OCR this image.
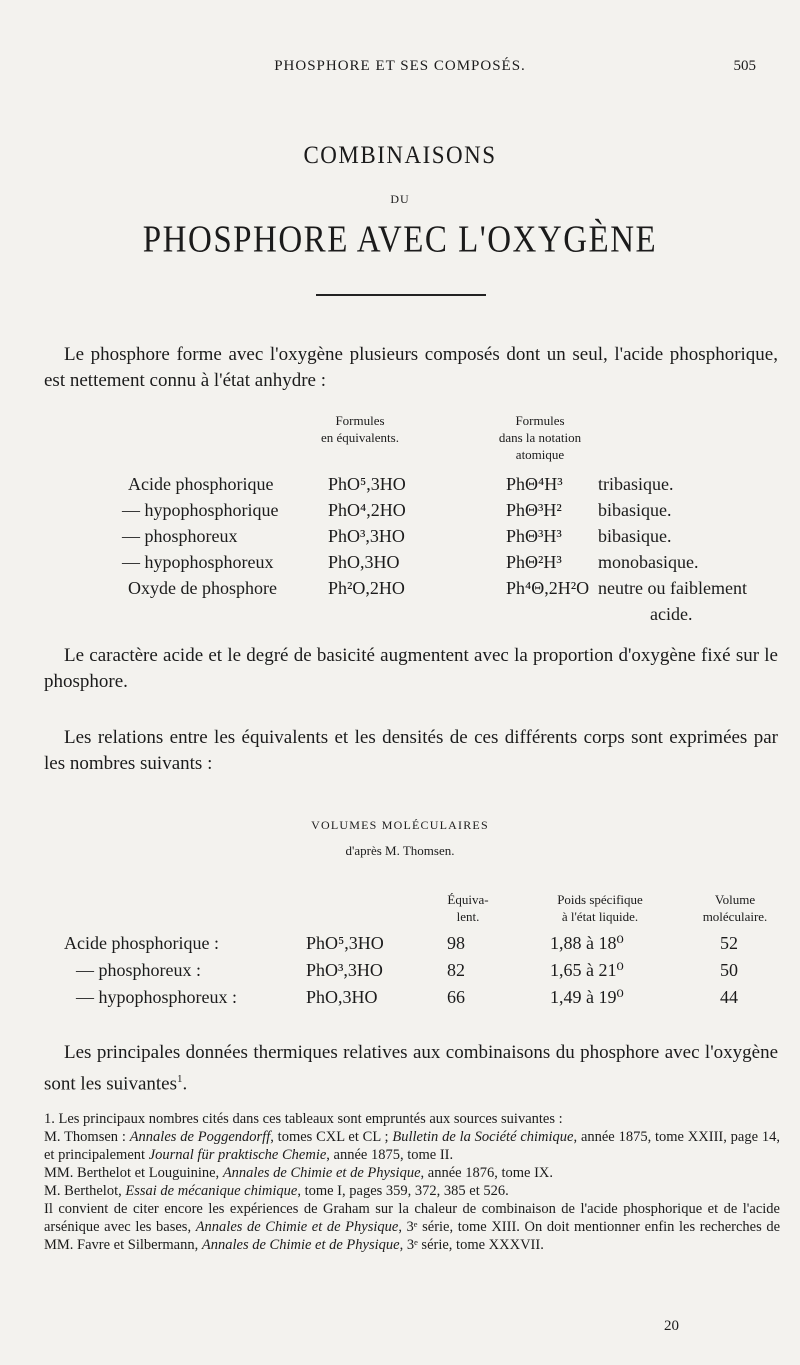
PHOSPHORE ET SES COMPOSÉS.	505
COMBINAISONS
DU
PHOSPHORE AVEC L'OXYGÈNE
Le phosphore forme avec l'oxygène plusieurs composés dont un seul, l'acide phosphorique, est nettement connu à l'état anhydre :
Formules
en équivalents.
Formules
dans la notation
atomique
Acide phosphorique	PhO⁵,3HO	PhΘ⁴H³ tribasique.
— hypophosphorique	PhO⁴,2HO	PhΘ³H² bibasique.
— phosphoreux	PhO³,3HO	PhΘ³H³ bibasique.
— hypophosphoreux	PhO,3HO	PhΘ²H³ monobasique.
Oxyde de phosphore	Ph²O,2HO	Ph⁴Θ,2H²O neutre ou faiblement
acide.
Le caractère acide et le degré de basicité augmentent avec la proportion d'oxygène fixé sur le phosphore.
Les relations entre les équivalents et les densités de ces différents corps sont exprimées par les nombres suivants :
VOLUMES MOLÉCULAIRES
d'après M. Thomsen.
Équiva-
lent.
Poids spécifique
à l'état liquide.
Volume
moléculaire.
Acide phosphorique :	PhO⁵,3HO	98	1,88 à 18⁰	52
— phosphoreux :	PhO³,3HO	82	1,65 à 21⁰	50
— hypophosphoreux :	PhO,3HO	66	1,49 à 19⁰	44
Les principales données thermiques relatives aux combinaisons du phosphore avec l'oxygène sont les suivantes$^1$.

1. Les principaux nombres cités dans ces tableaux sont empruntés aux sources suivantes :

M. Thomsen : Annales de Poggendorff, tomes CXL et CL ; Bulletin de la Société chimique, année 1875, tome XXIII, page 14, et principalement Journal für praktische Chemie, année 1875, tome II.

MM. Berthelot et Louguinine, Annales de Chimie et de Physique, année 1876, tome IX.

M. Berthelot, Essai de mécanique chimique, tome I, pages 359, 372, 385 et 526.

Il convient de citer encore les expériences de Graham sur la chaleur de combinaison de l'acide phosphorique et de l'acide arsénique avec les bases, Annales de Chimie et de Physique, 3ᵉ série, tome XIII. On doit mentionner enfin les recherches de MM. Favre et Silbermann, Annales de Chimie et de Physique, 3ᵉ série, tome XXXVII.

20
